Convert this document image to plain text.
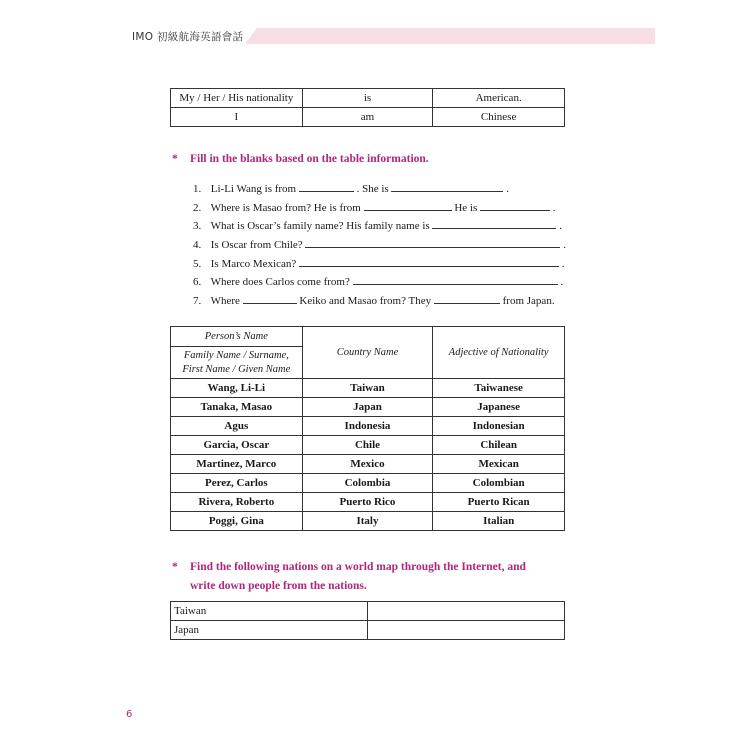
IMO 初級航海英語會話
My / Her / His nationality	is	American.
I	am	Chinese
* Fill in the blanks based on the table information.
1. Li-Li Wang is from	. She is	.
2. Where is Masao from? He is from	He is	.
3. What is Oscar’s family name? His family name is	.
4. Is Oscar from Chile?	.
5. Is Marco Mexican?	.
6. Where does Carlos come from?	.
7. Where	Keiko and Masao from? They	from Japan.
Person’s Name	Country Name	Adjective of Nationality

Family Name / Surname,
First Name / Given Name		

Wang, Li-Li	Taiwan	Taiwanese
Tanaka, Masao	Japan	Japanese
Agus	Indonesia	Indonesian
Garcia, Oscar	Chile	Chilean
Martinez, Marco	Mexico	Mexican
Perez, Carlos	Colombia	Colombian
Rivera, Roberto	Puerto Rico	Puerto Rican
Poggi, Gina	Italy	Italian
* Find the following nations on a world map through the Internet, and
write down people from the nations.
Taiwan	
Japan	
6
